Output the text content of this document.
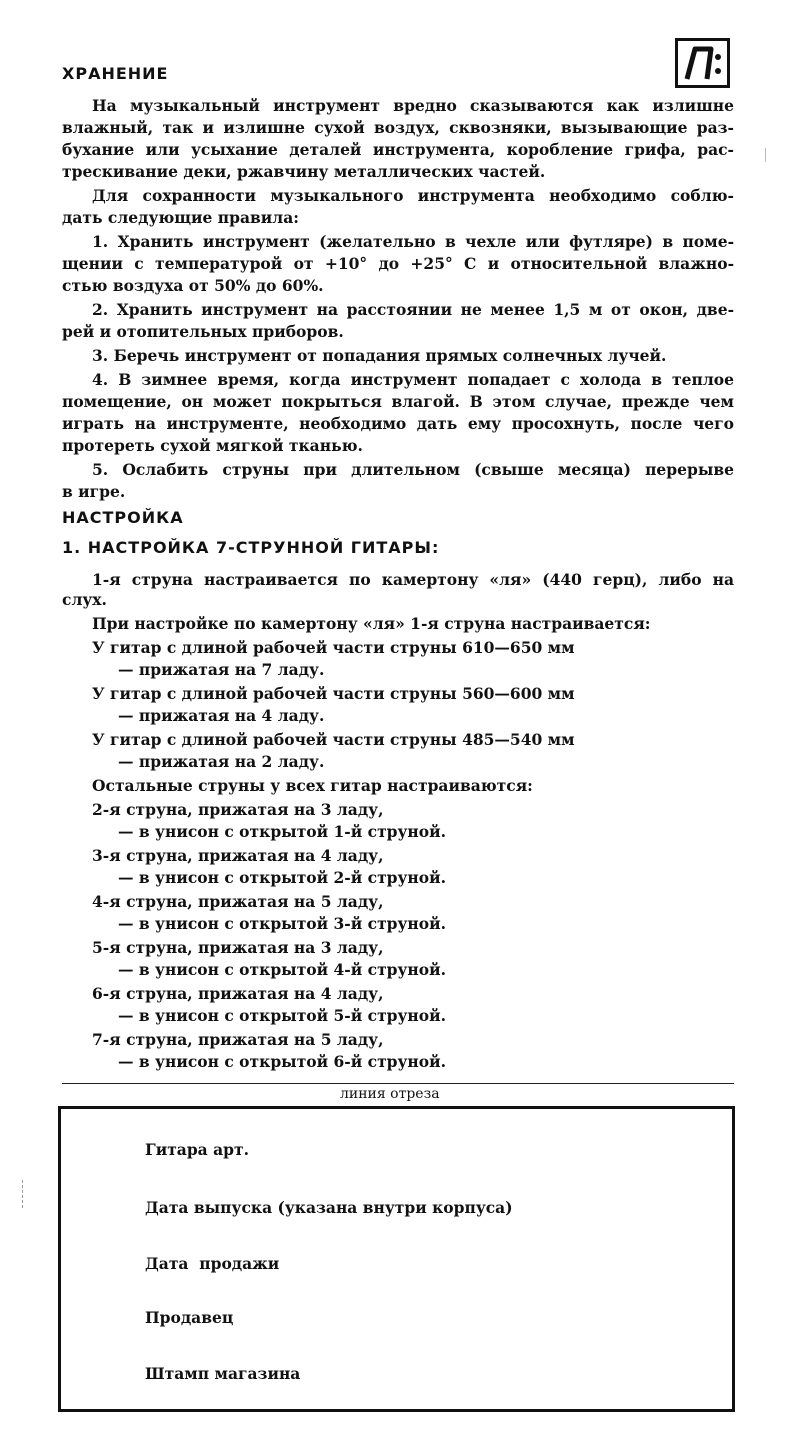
ХРАНЕНИЕ
На музыкальный инструмент вредно сказываются как излишне
влажный, так и излишне сухой воздух, сквозняки, вызывающие раз-
бухание или усыхание деталей инструмента, коробление грифа, рас-
трескивание деки, ржавчину металлических частей.
Для сохранности музыкального инструмента необходимо соблю-
дать следующие правила:
1. Хранить инструмент (желательно в чехле или футляре) в поме-
щении с температурой от +10° до +25° С и относительной влажно-
стью воздуха от 50% до 60%.
2. Хранить инструмент на расстоянии не менее 1,5 м от окон, две-
рей и отопительных приборов.
3. Беречь инструмент от попадания прямых солнечных лучей.
4. В зимнее время, когда инструмент попадает с холода в теплое
помещение, он может покрыться влагой. В этом случае, прежде чем
играть на инструменте, необходимо дать ему просохнуть, после чего
протереть сухой мягкой тканью.
5. Ослабить струны при длительном (свыше месяца) перерыве
в игре.
НАСТРОЙКА
1. НАСТРОЙКА 7-СТРУННОЙ ГИТАРЫ:
1-я струна настраивается по камертону «ля» (440 герц), либо на
слух.
При настройке по камертону «ля» 1-я струна настраивается:
У гитар с длиной рабочей части струны 610—650 мм
— прижатая на 7 ладу.
У гитар с длиной рабочей части струны 560—600 мм
— прижатая на 4 ладу.
У гитар с длиной рабочей части струны 485—540 мм
— прижатая на 2 ладу.
Остальные струны у всех гитар настраиваются:
2-я струна, прижатая на 3 ладу,
— в унисон с открытой 1-й струной.
3-я струна, прижатая на 4 ладу,
— в унисон с открытой 2-й струной.
4-я струна, прижатая на 5 ладу,
— в унисон с открытой 3-й струной.
5-я струна, прижатая на 3 ладу,
— в унисон с открытой 4-й струной.
6-я струна, прижатая на 4 ладу,
— в унисон с открытой 5-й струной.
7-я струна, прижатая на 5 ладу,
— в унисон с открытой 6-й струной.
линия отреза
Гитара арт.
Дата выпуска (указана внутри корпуса)
Дата  продажи
Продавец
Штамп магазина
